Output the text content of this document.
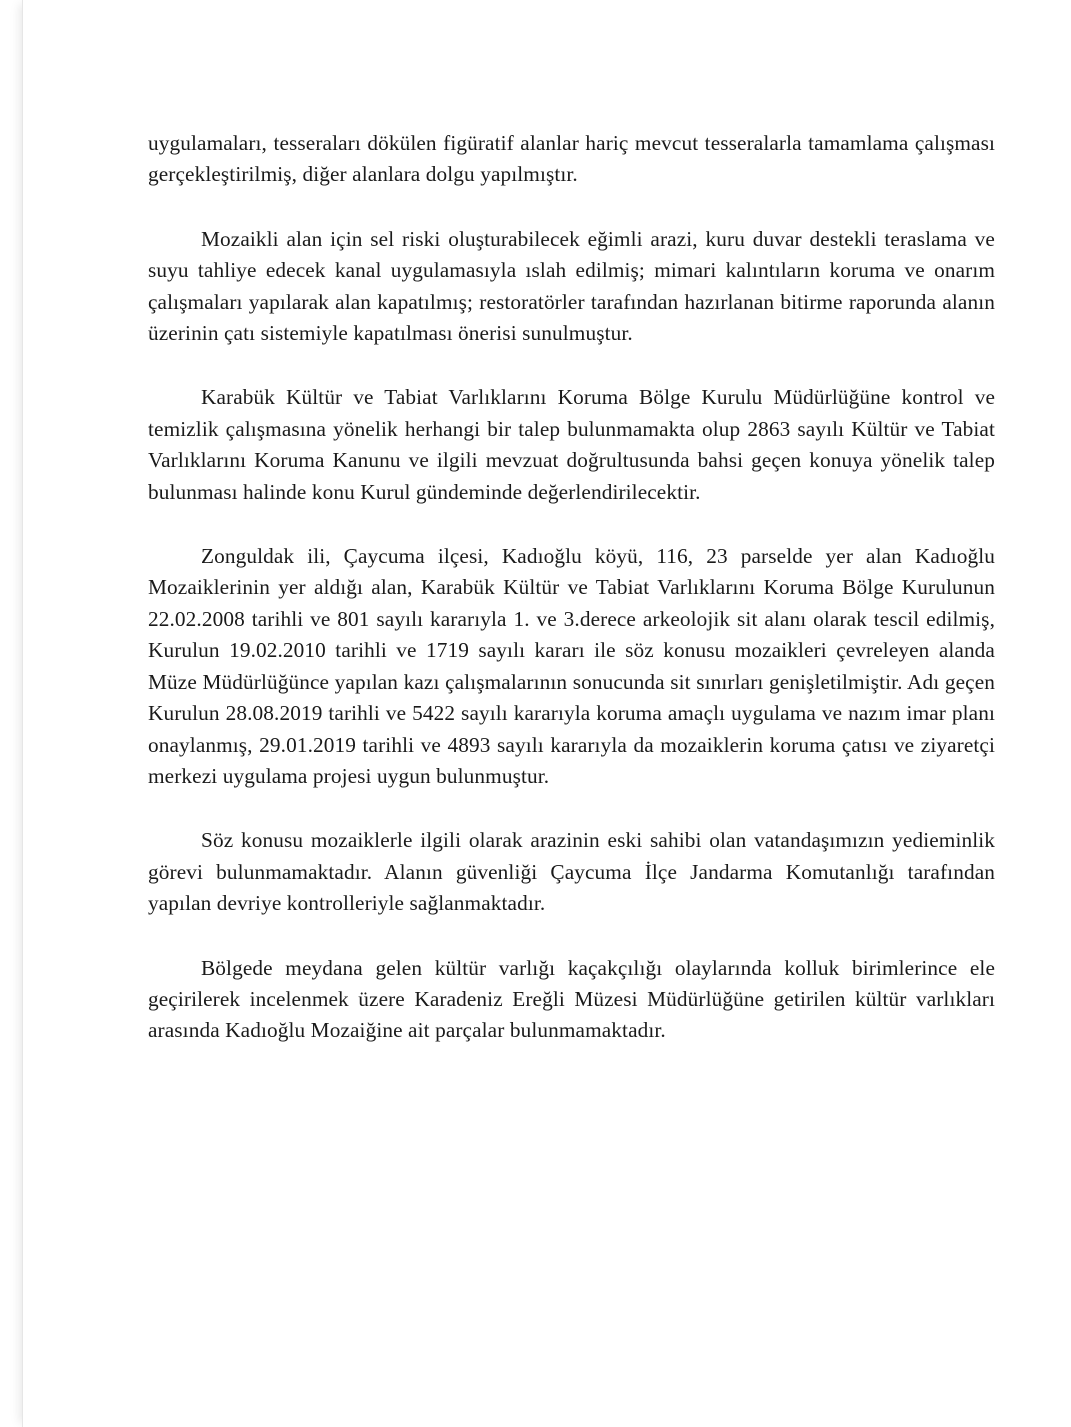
uygulamaları, tesseraları dökülen figüratif alanlar hariç mevcut tesseralarla tamamlama çalışması gerçekleştirilmiş, diğer alanlara dolgu yapılmıştır.

Mozaikli alan için sel riski oluşturabilecek eğimli arazi, kuru duvar destekli teraslama ve suyu tahliye edecek kanal uygulamasıyla ıslah edilmiş; mimari kalıntıların koruma ve onarım çalışmaları yapılarak alan kapatılmış; restoratörler tarafından hazırlanan bitirme raporunda alanın üzerinin çatı sistemiyle kapatılması önerisi sunulmuştur.

Karabük Kültür ve Tabiat Varlıklarını Koruma Bölge Kurulu Müdürlüğüne kontrol ve temizlik çalışmasına yönelik herhangi bir talep bulunmamakta olup 2863 sayılı Kültür ve Tabiat Varlıklarını Koruma Kanunu ve ilgili mevzuat doğrultusunda bahsi geçen konuya yönelik talep bulunması halinde konu Kurul gündeminde değerlendirilecektir.

Zonguldak ili, Çaycuma ilçesi, Kadıoğlu köyü, 116, 23 parselde yer alan Kadıoğlu Mozaiklerinin yer aldığı alan, Karabük Kültür ve Tabiat Varlıklarını Koruma Bölge Kurulunun 22.02.2008 tarihli ve 801 sayılı kararıyla 1. ve 3.derece arkeolojik sit alanı olarak tescil edilmiş, Kurulun 19.02.2010 tarihli ve 1719 sayılı kararı ile söz konusu mozaikleri çevreleyen alanda Müze Müdürlüğünce yapılan kazı çalışmalarının sonucunda sit sınırları genişletilmiştir. Adı geçen Kurulun 28.08.2019 tarihli ve 5422 sayılı kararıyla koruma amaçlı uygulama ve nazım imar planı onaylanmış, 29.01.2019 tarihli ve 4893 sayılı kararıyla da mozaiklerin koruma çatısı ve ziyaretçi merkezi uygulama projesi uygun bulunmuştur.

Söz konusu mozaiklerle ilgili olarak arazinin eski sahibi olan vatandaşımızın yedieminlik görevi bulunmamaktadır. Alanın güvenliği Çaycuma İlçe Jandarma Komutanlığı tarafından yapılan devriye kontrolleriyle sağlanmaktadır.

Bölgede meydana gelen kültür varlığı kaçakçılığı olaylarında kolluk birimlerince ele geçirilerek incelenmek üzere Karadeniz Ereğli Müzesi Müdürlüğüne getirilen kültür varlıkları arasında Kadıoğlu Mozaiğine ait parçalar bulunmamaktadır.
